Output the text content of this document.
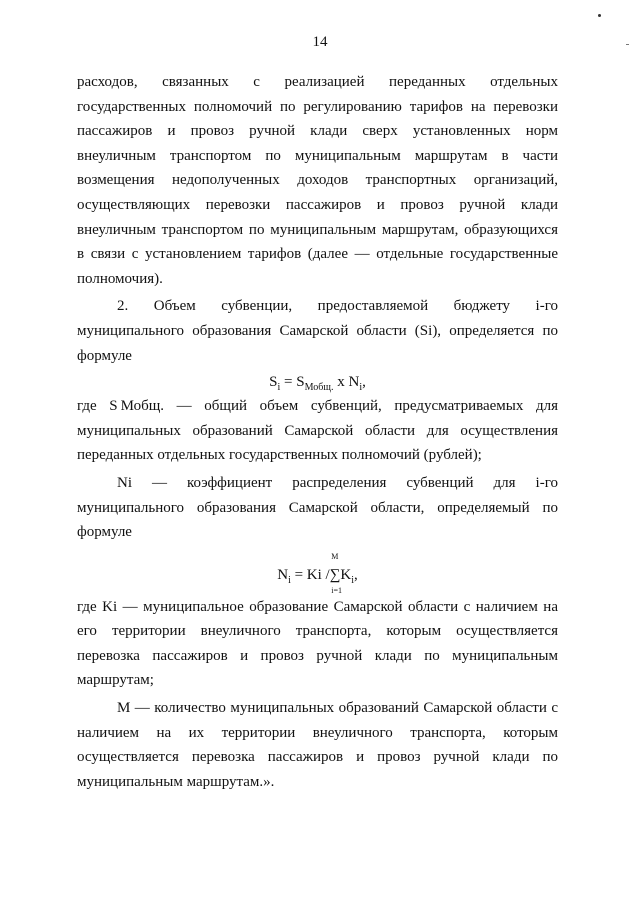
14

расходов, связанных с реализацией переданных отдельных государственных полномочий по регулированию тарифов на перевозки пассажиров и провоз ручной клади сверх установленных норм внеуличным транспортом по муниципальным маршрутам в части возмещения недополученных доходов транспортных организаций, осуществляющих перевозки пассажиров и провоз ручной клади внеуличным транспортом по муниципальным маршрутам, образующихся в связи с установлением тарифов (далее — отдельные государственные полномочия).

2. Объем субвенции, предоставляемой бюджету i-го муниципального образования Самарской области (Si), определяется по формуле

$S_i = S_{Мобщ.}$ x $N_i$,

где S Мобщ. — общий объем субвенций, предусматриваемых для муниципальных образований Самарской области для осуществления переданных отдельных государственных полномочий (рублей);

Ni — коэффициент распределения субвенций для i-го муниципального образования Самарской области, определяемый по формуле

M
$N_i = Ki$ $/\sum K_i$,
i=1

где Ki — муниципальное образование Самарской области с наличием на его территории внеуличного транспорта, которым осуществляется перевозка пассажиров и провоз ручной клади по муниципальным маршрутам;

M — количество муниципальных образований Самарской области с наличием на их территории внеуличного транспорта, которым осуществляется перевозка пассажиров и провоз ручной клади по муниципальным маршрутам.».
